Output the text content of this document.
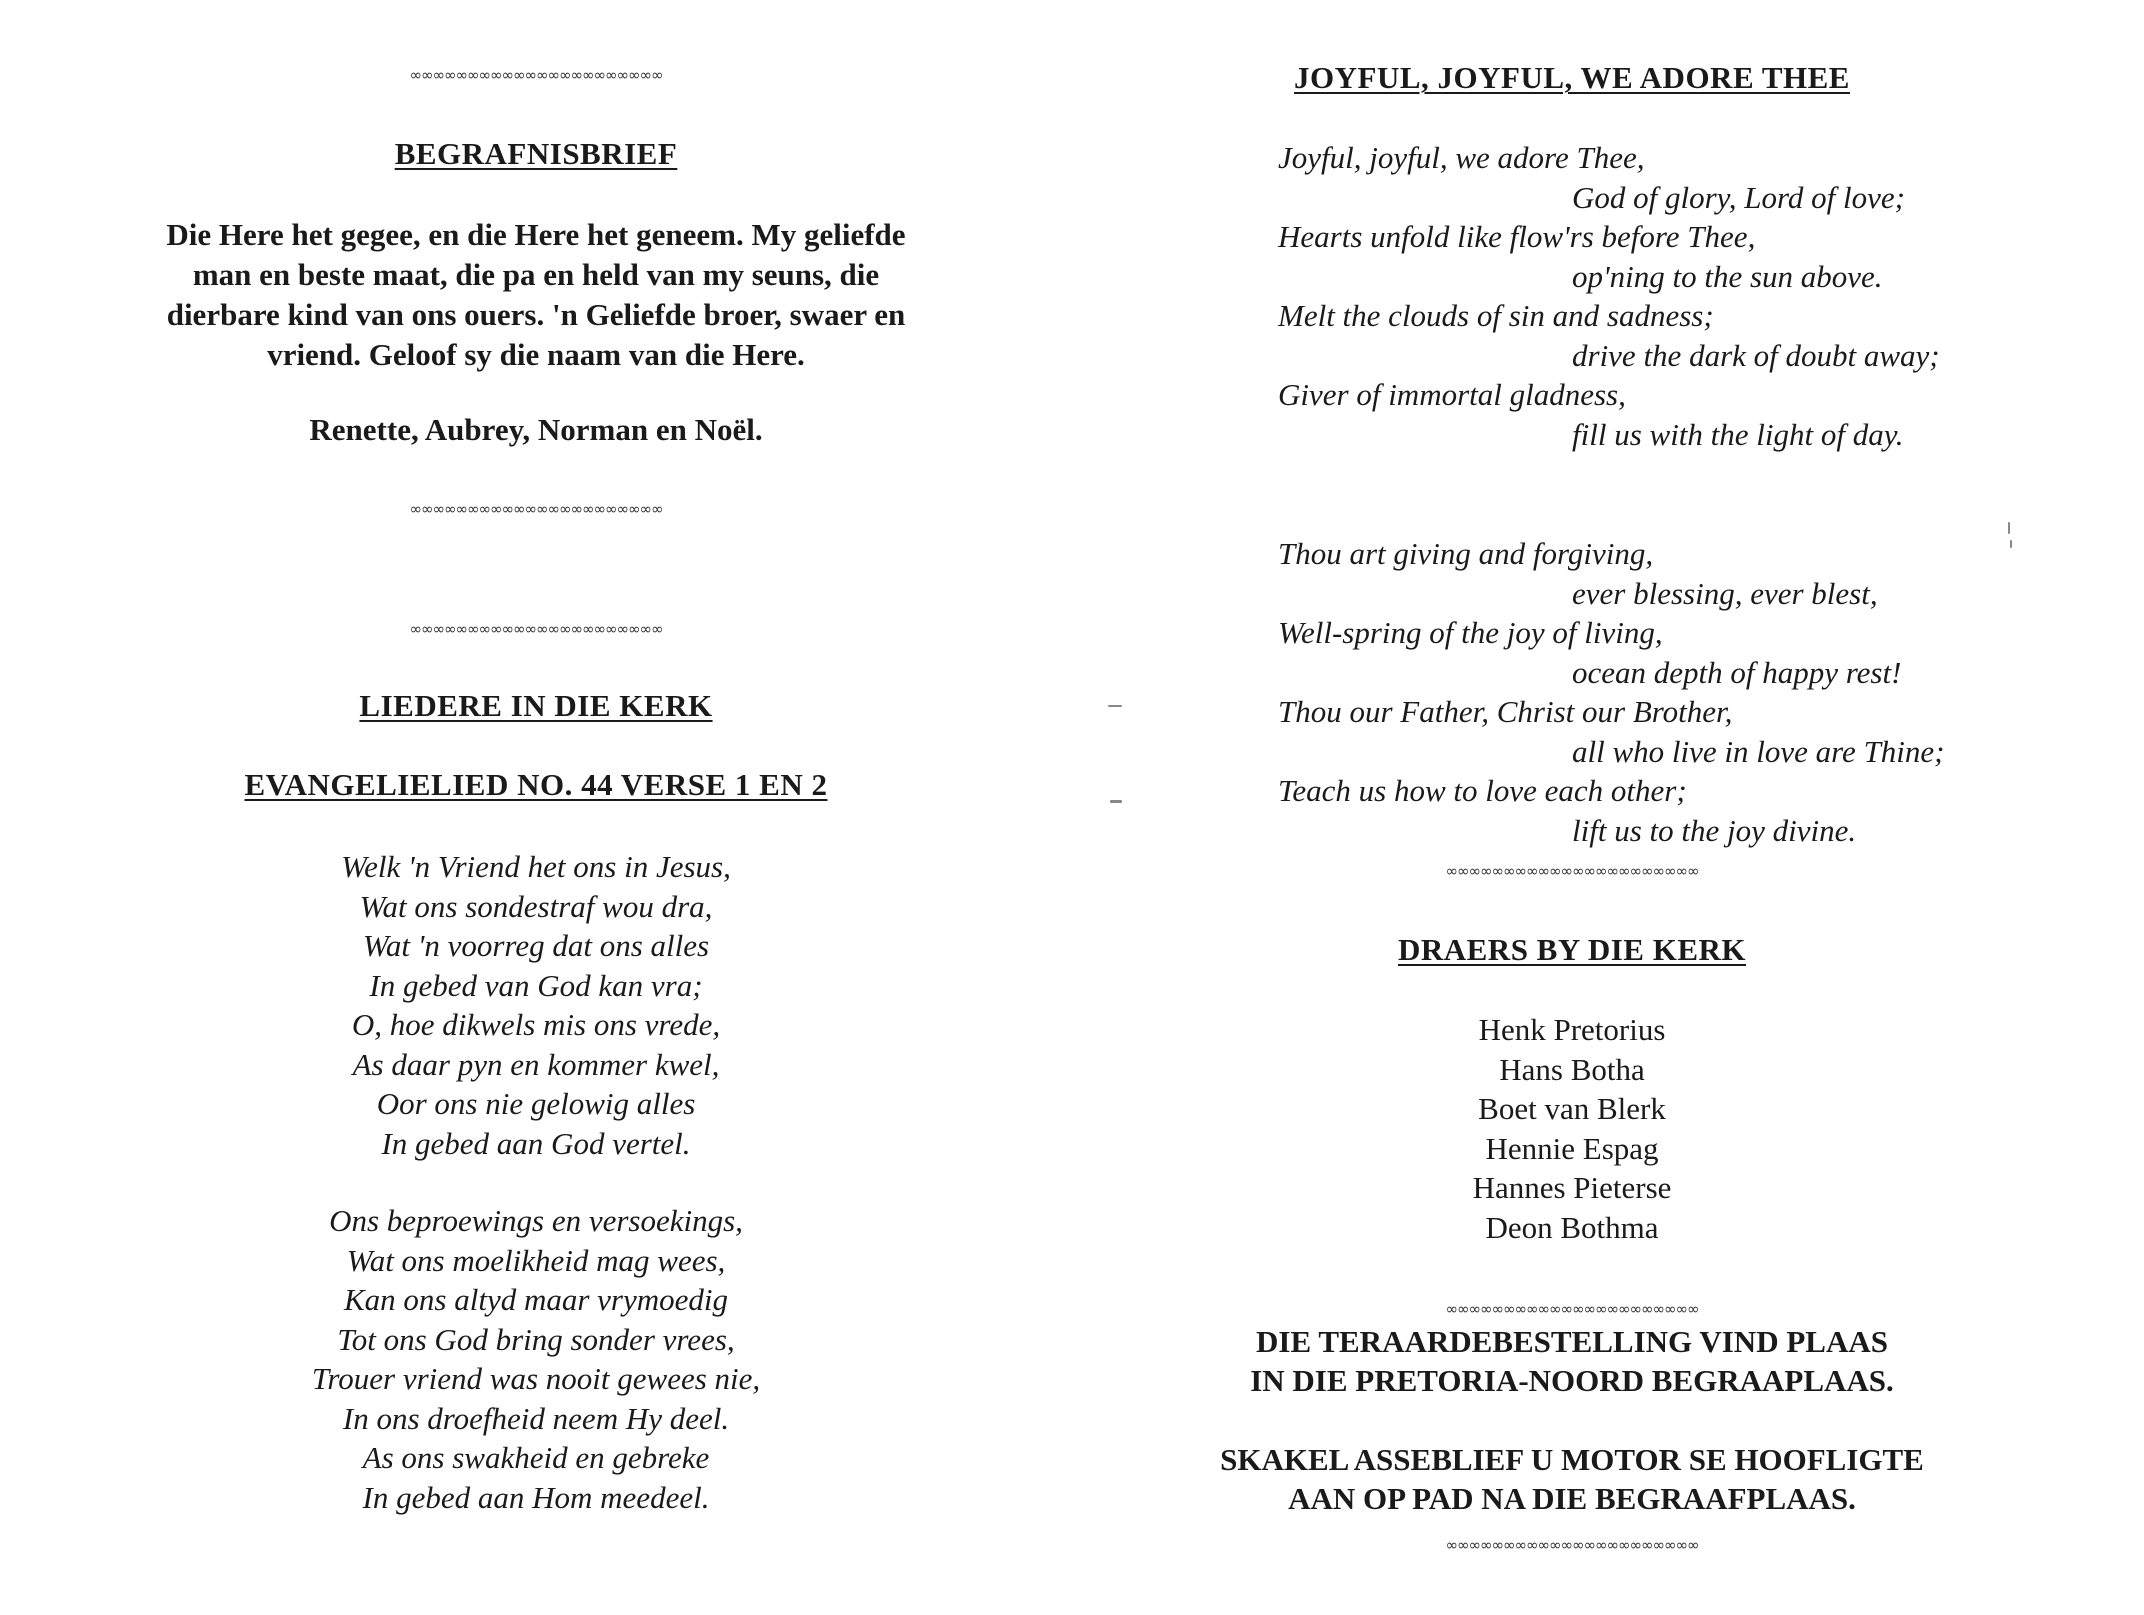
∞∞∞∞∞∞∞∞∞∞∞∞∞∞∞∞∞∞∞∞∞∞
BEGRAFNISBRIEF
Die Here het gegee, en die Here het geneem. My geliefde
man en beste maat, die pa en held van my seuns, die
dierbare kind van ons ouers. 'n Geliefde broer, swaer en
vriend. Geloof sy die naam van die Here.
Renette, Aubrey, Norman en Noël.
∞∞∞∞∞∞∞∞∞∞∞∞∞∞∞∞∞∞∞∞∞∞
∞∞∞∞∞∞∞∞∞∞∞∞∞∞∞∞∞∞∞∞∞∞
LIEDERE IN DIE KERK
EVANGELIELIED NO. 44 VERSE 1 EN 2
Welk 'n Vriend het ons in Jesus,
Wat ons sondestraf wou dra,
Wat 'n voorreg dat ons alles
In gebed van God kan vra;
O, hoe dikwels mis ons vrede,
As daar pyn en kommer kwel,
Oor ons nie gelowig alles
In gebed aan God vertel.
Ons beproewings en versoekings,
Wat ons moelikheid mag wees,
Kan ons altyd maar vrymoedig
Tot ons God bring sonder vrees,
Trouer vriend was nooit gewees nie,
In ons droefheid neem Hy deel.
As ons swakheid en gebreke
In gebed aan Hom meedeel.
JOYFUL, JOYFUL, WE ADORE THEE
Joyful, joyful, we adore Thee,
God of glory, Lord of love;
Hearts unfold like flow'rs before Thee,
op'ning to the sun above.
Melt the clouds of sin and sadness;
drive the dark of doubt away;
Giver of immortal gladness,
fill us with the light of day.
Thou art giving and forgiving,
ever blessing, ever blest,
Well-spring of the joy of living,
ocean depth of happy rest!
Thou our Father, Christ our Brother,
all who live in love are Thine;
Teach us how to love each other;
lift us to the joy divine.
∞∞∞∞∞∞∞∞∞∞∞∞∞∞∞∞∞∞∞∞∞∞
DRAERS BY DIE KERK
Henk Pretorius
Hans Botha
Boet van Blerk
Hennie Espag
Hannes Pieterse
Deon Bothma
∞∞∞∞∞∞∞∞∞∞∞∞∞∞∞∞∞∞∞∞∞∞
DIE TERAARDEBESTELLING VIND PLAAS
IN DIE PRETORIA-NOORD BEGRAAPLAAS.
SKAKEL ASSEBLIEF U MOTOR SE HOOFLIGTE
AAN OP PAD NA DIE BEGRAAFPLAAS.
∞∞∞∞∞∞∞∞∞∞∞∞∞∞∞∞∞∞∞∞∞∞
